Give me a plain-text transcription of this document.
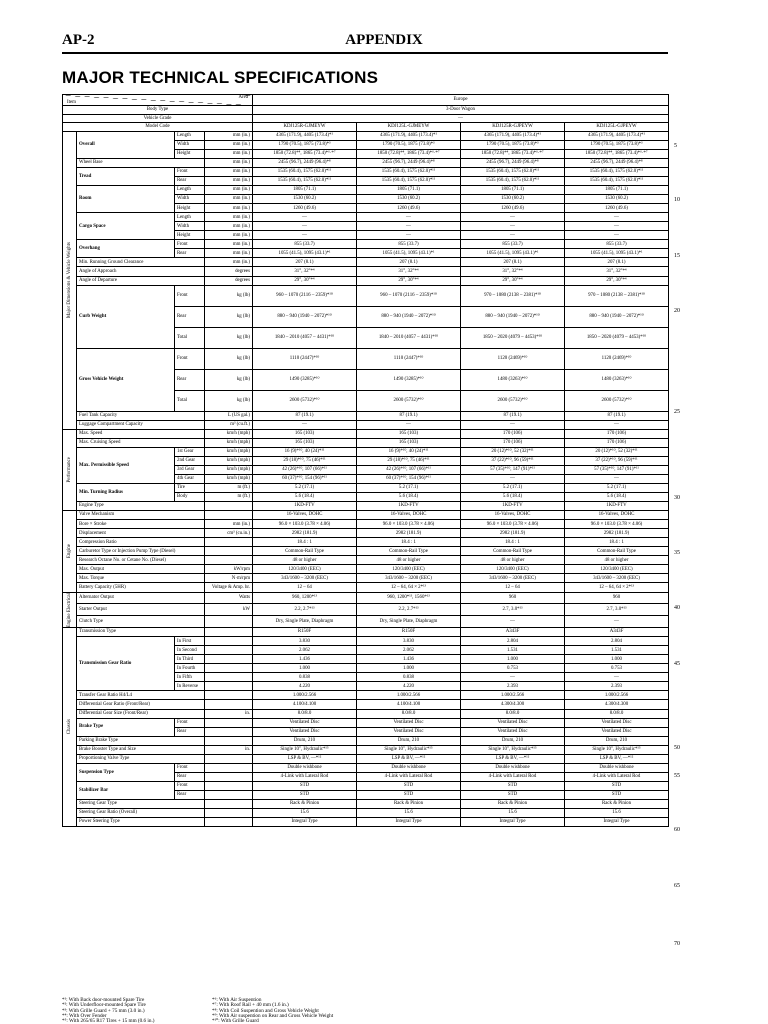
AP-2	APPENDIX
MAJOR TECHNICAL SPECIFICATIONS
Area
Item				Europe			
Body Type				3-Door Wagon			
Vehicle Grade				—			
Model Code				KDJ125R-GJMEYW	KDJ125L-GJMEYW	KDJ125R-GJPEYW	KDJ125L-GJPEYW

Major Dimensions & Vehicle Weights	Overall	Length	mm (in.)	4365 (171.9), 4405 (173.4)*¹	4365 (171.9), 4405 (173.4)*¹	4365 (171.9), 4405 (173.4)*¹	4365 (171.9), 4405 (173.4)*¹
		Width	mm (in.)	1790 (70.5), 1875 (73.8)*³	1790 (70.5), 1875 (73.8)*³	1790 (70.5), 1875 (73.8)*³	1790 (70.5), 1875 (73.8)*³
		Height	mm (in.)	1850 (72.8)*⁴, 1865 (73.4)*⁶·*⁷	1850 (72.8)*⁴, 1865 (73.4)*⁶·*⁷	1850 (72.8)*⁴, 1865 (73.4)*⁶·*⁷	1850 (72.8)*⁴, 1865 (73.4)*⁶·*⁷
	Wheel Base		mm (in.)	2455 (96.7), 2449 (96.4)*⁸	2455 (96.7), 2449 (96.4)*⁸	2455 (96.7), 2449 (96.4)*⁸	2455 (96.7), 2449 (96.4)*⁸
	Tread	Front	mm (in.)	1535 (60.4), 1575 (62.0)*¹¹	1535 (60.4), 1575 (62.0)*¹¹	1535 (60.4), 1575 (62.0)*¹¹	1535 (60.4), 1575 (62.0)*¹¹
		Rear	mm (in.)	1535 (60.4), 1575 (62.0)*¹¹	1535 (60.4), 1575 (62.0)*¹¹	1535 (60.4), 1575 (62.0)*¹¹	1535 (60.4), 1575 (62.0)*¹¹
	Room	Length	mm (in.)	1805 (71.1)	1805 (71.1)	1805 (71.1)	1805 (71.1)
		Width	mm (in.)	1530 (60.2)	1530 (60.2)	1530 (60.2)	1530 (60.2)
		Height	mm (in.)	1260 (49.6)	1260 (49.6)	1260 (49.6)	1260 (49.6)
	Cargo Space	Length	mm (in.)	—	—	—	—
		Width	mm (in.)	—	—	—	—
		Height	mm (in.)	—	—	—	—
	Overhang	Front	mm (in.)	855 (33.7)	855 (33.7)	855 (33.7)	855 (33.7)
		Rear	mm (in.)	1055 (41.5), 1095 (43.1)*¹	1055 (41.5), 1095 (43.1)*¹	1055 (41.5), 1095 (43.1)*¹	1055 (41.5), 1095 (43.1)*¹
	Min. Running Ground Clearance		mm (in.)	207 (8.1)	207 (8.1)	207 (8.1)	207 (8.1)
	Angle of Approach		degrees	31°, 32°*⁴	31°, 32°*⁴	31°, 32°*⁴	31°, 32°*⁴
	Angle of Departure		degrees	29°, 30°*⁴	29°, 30°*⁴	29°, 30°*⁴	29°, 30°*⁴
	Curb Weight	Front	kg (lb)	960 – 1070 (2116 – 2359)*¹⁰	960 – 1070 (2116 – 2359)*¹⁰	970 – 1080 (2138 – 2381)*¹⁰	970 – 1080 (2138 – 2381)*¹⁰
		Rear	kg (lb)	880 – 940 (1940 – 2072)*¹⁰	880 – 940 (1940 – 2072)*¹⁰	880 – 940 (1940 – 2072)*¹⁰	880 – 940 (1940 – 2072)*¹⁰
		Total	kg (lb)	1840 – 2010 (4057 – 4431)*¹⁰	1840 – 2010 (4057 – 4431)*¹⁰	1850 – 2020 (4079 – 4453)*¹⁰	1850 – 2020 (4079 – 4453)*¹⁰
	Gross Vehicle Weight	Front	kg (lb)	1110 (2447)*¹⁰	1110 (2447)*¹⁰	1120 (2469)*¹⁰	1120 (2469)*¹⁰
		Rear	kg (lb)	1490 (3285)*¹⁰	1490 (3285)*¹⁰	1480 (3263)*¹⁰	1480 (3263)*¹⁰
		Total	kg (lb)	2600 (5732)*¹⁰	2600 (5732)*¹⁰	2600 (5732)*¹⁰	2600 (5732)*¹⁰
	Fuel Tank Capacity		L (US gal.)	87 (19.1)	87 (19.1)	87 (19.1)	87 (19.1)
	Luggage Compartment Capacity		m³ (cu.ft.)	—	—	—	—

Performance	Max. Speed		km/h (mph)	165 (103)	165 (103)	170 (106)	170 (106)
	Max. Cruising Speed		km/h (mph)	165 (103)	165 (103)	170 (106)	170 (106)
	Max. Permissible Speed	1st Gear	km/h (mph)	16 (9)*¹⁰, 40 (24)*¹¹	16 (9)*¹⁰, 40 (24)*¹¹	20 (12)*¹⁰, 52 (32)*¹¹	20 (12)*¹⁰, 52 (32)*¹¹
		2nd Gear	km/h (mph)	29 (18)*¹⁰, 75 (46)*¹¹	29 (18)*¹⁰, 75 (46)*¹¹	37 (22)*¹⁰, 96 (59)*¹¹	37 (22)*¹⁰, 96 (59)*¹¹
		3rd Gear	km/h (mph)	42 (26)*¹⁰, 107 (66)*¹¹	42 (26)*¹⁰, 107 (66)*¹¹	57 (35)*¹⁰, 147 (91)*¹¹	57 (35)*¹⁰, 147 (91)*¹¹
		4th Gear	km/h (mph)	60 (37)*¹⁰, 154 (96)*¹¹	60 (37)*¹⁰, 154 (96)*¹¹	—	—
	Min. Turning Radius	Tire	m (ft.)	5.2 (17.1)	5.2 (17.1)	5.2 (17.1)	5.2 (17.1)
		Body	m (ft.)	5.6 (18.4)	5.6 (18.4)	5.6 (18.4)	5.6 (18.4)
	Engine Type			1KD-FTV	1KD-FTV	1KD-FTV	1KD-FTV

Engine	Valve Mechanism			16-Valves, DOHC	16-Valves, DOHC	16-Valves, DOHC	16-Valves, DOHC
	Bore × Stroke		mm (in.)	96.0 × 103.0 (3.78 × 4.06)	96.0 × 103.0 (3.78 × 4.06)	96.0 × 103.0 (3.78 × 4.06)	96.0 × 103.0 (3.78 × 4.06)
	Displacement		cm³ (cu.in.)	2982 (181.9)	2982 (181.9)	2982 (181.9)	2982 (181.9)
	Compression Ratio			18.4 : 1	18.4 : 1	18.4 : 1	18.4 : 1
	Carburetor Type or Injection Pump Type (Diesel)			Common-Rail Type	Common-Rail Type	Common-Rail Type	Common-Rail Type
	Research Octane No. or Cetane No. (Diesel)			48 or higher	48 or higher	48 or higher	48 or higher
	Max. Output		kW/rpm	120/3400 (EEC)	120/3400 (EEC)	120/3400 (EEC)	120/3400 (EEC)
	Max. Torque		N·m/rpm	343/1600 – 3200 (EEC)	343/1600 – 3200 (EEC)	343/1600 – 3200 (EEC)	343/1600 – 3200 (EEC)
	Battery Capacity (5HR)		Voltage & Amp. hr.	12 – 64	12 – 64, 64 × 2*¹³	12 – 64	12 – 64, 64 × 2*¹³

Engine Electrical	Alternator Output		Watts	960, 1200*¹³	960, 1200*¹³, 1560*¹³	960	960
	Starter Output		kW	2.2, 2.7*¹³	2.2, 2.7*¹³	2.7, 3.0*¹³	2.7, 3.0*¹³
	Clutch Type			Dry, Single Plate, Diaphragm	Dry, Single Plate, Diaphragm	—	—

Chassis	Transmission Type			R150F	R150F	A343F	A343F
	Transmission Gear Ratio	In First		3.830	3.830	2.804	2.804
		In Second		2.062	2.062	1.531	1.531
		In Third		1.436	1.436	1.000	1.000
		In Fourth		1.000	1.000	0.753	0.753
		In Fifth		0.838	0.838	—	—
		In Reverse		4.220	4.220	2.393	2.393
	Transfer Gear Ratio H4/L4			1.000/2.566	1.000/2.566	1.000/2.566	1.000/2.566
	Differential Gear Ratio (Front/Rear)			4.100/4.100	4.100/4.100	4.300/4.300	4.300/4.300
	Differential Gear Size (Front/Rear)		in.	8.0/8.0	8.0/8.0	8.0/8.0	8.0/8.0
	Brake Type	Front		Ventilated Disc	Ventilated Disc	Ventilated Disc	Ventilated Disc
		Rear		Ventilated Disc	Ventilated Disc	Ventilated Disc	Ventilated Disc
	Parking Brake Type			Drum, 210	Drum, 210	Drum, 210	Drum, 210
	Brake Booster Type and Size		in.	Single 10", Hydraulic*¹⁵	Single 10", Hydraulic*¹⁵	Single 10", Hydraulic*¹⁵	Single 10", Hydraulic*¹⁵
	Proportioning Valve Type			LSP & BV, —*¹²	LSP & BV, —*¹²	LSP & BV, —*¹²	LSP & BV, —*¹²
	Suspension Type	Front		Double wishbone	Double wishbone	Double wishbone	Double wishbone
		Rear		4-Link with Lateral Rod	4-Link with Lateral Rod	4-Link with Lateral Rod	4-Link with Lateral Rod
	Stabilizer Bar	Front		STD	STD	STD	STD
		Rear		STD	STD	STD	STD
	Steering Gear Type			Rack & Pinion	Rack & Pinion	Rack & Pinion	Rack & Pinion
	Steering Gear Ratio (Overall)			15.6	15.6	15.6	15.6
	Power Steering Type			Integral Type	Integral Type	Integral Type	Integral Type
5
10
15
20
25
30
35
40
45
50
55
60
65
70
*¹: With Back door-mounted Spare Tire
*²: With Underfloor-mounted Spare Tire
*³: With Grille Guard + 75 mm (3.0 in.)
*⁴: With Over Fender
*⁵: With 265/65 R17 Tires + 15 mm (0.6 in.)
*⁶: With Air Suspention
*⁷: With Roof Rail + 40 mm (1.6 in.)
*⁸: With Coil Suspention and Gross Vehicle Weight
*⁹: With Air suspention on Rear and Gross Vehicle Weight
*¹⁰: With Grille Guard
